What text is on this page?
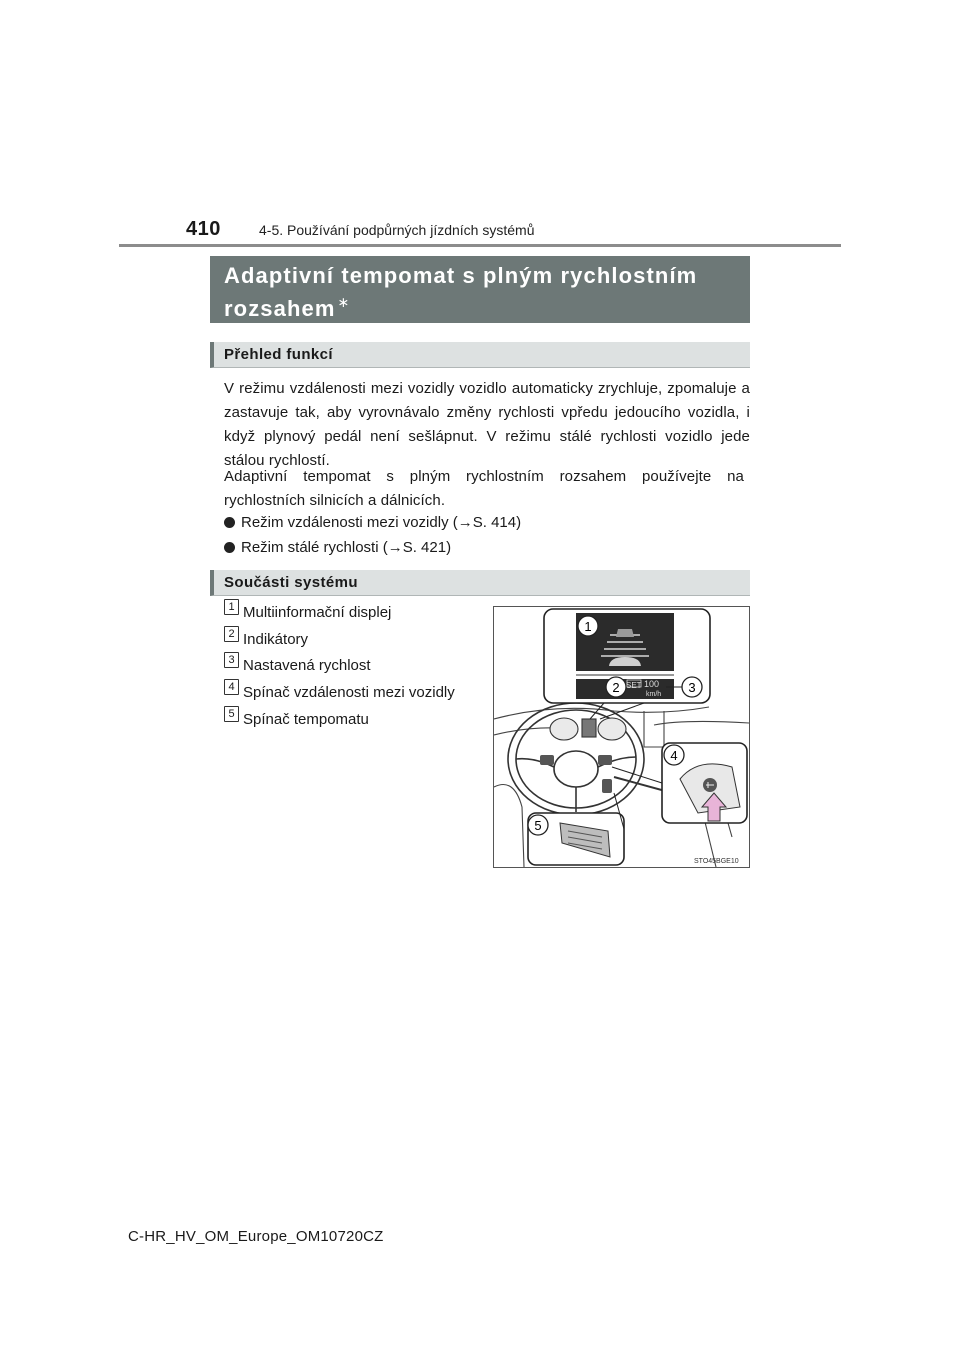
410	4-5. Používání podpůrných jízdních systémů
Adaptivní tempomat s plným rychlostním rozsahem ∗
Přehled funkcí
V režimu vzdálenosti mezi vozidly vozidlo automaticky zrychluje, zpomaluje a zastavuje tak, aby vyrovnávalo změny rychlosti vpředu jedoucího vozidla, i když plynový pedál není sešlápnut. V režimu stálé rychlosti vozidlo jede stálou rychlostí.
Adaptivní tempomat s plným rychlostním rozsahem používejte na rychlostních silnicích a dálnicích.
Režim vzdálenosti mezi vozidly (→S. 414)
Režim stálé rychlosti (→S. 421)
Součásti systému
1 Multiinformační displej
2 Indikátory
3 Nastavená rychlost
4 Spínač vzdálenosti mezi vozidly
5 Spínač tempomatu
SET 100
km/h
1
2	3
4
5
STO45BGE10
C-HR_HV_OM_Europe_OM10720CZ
